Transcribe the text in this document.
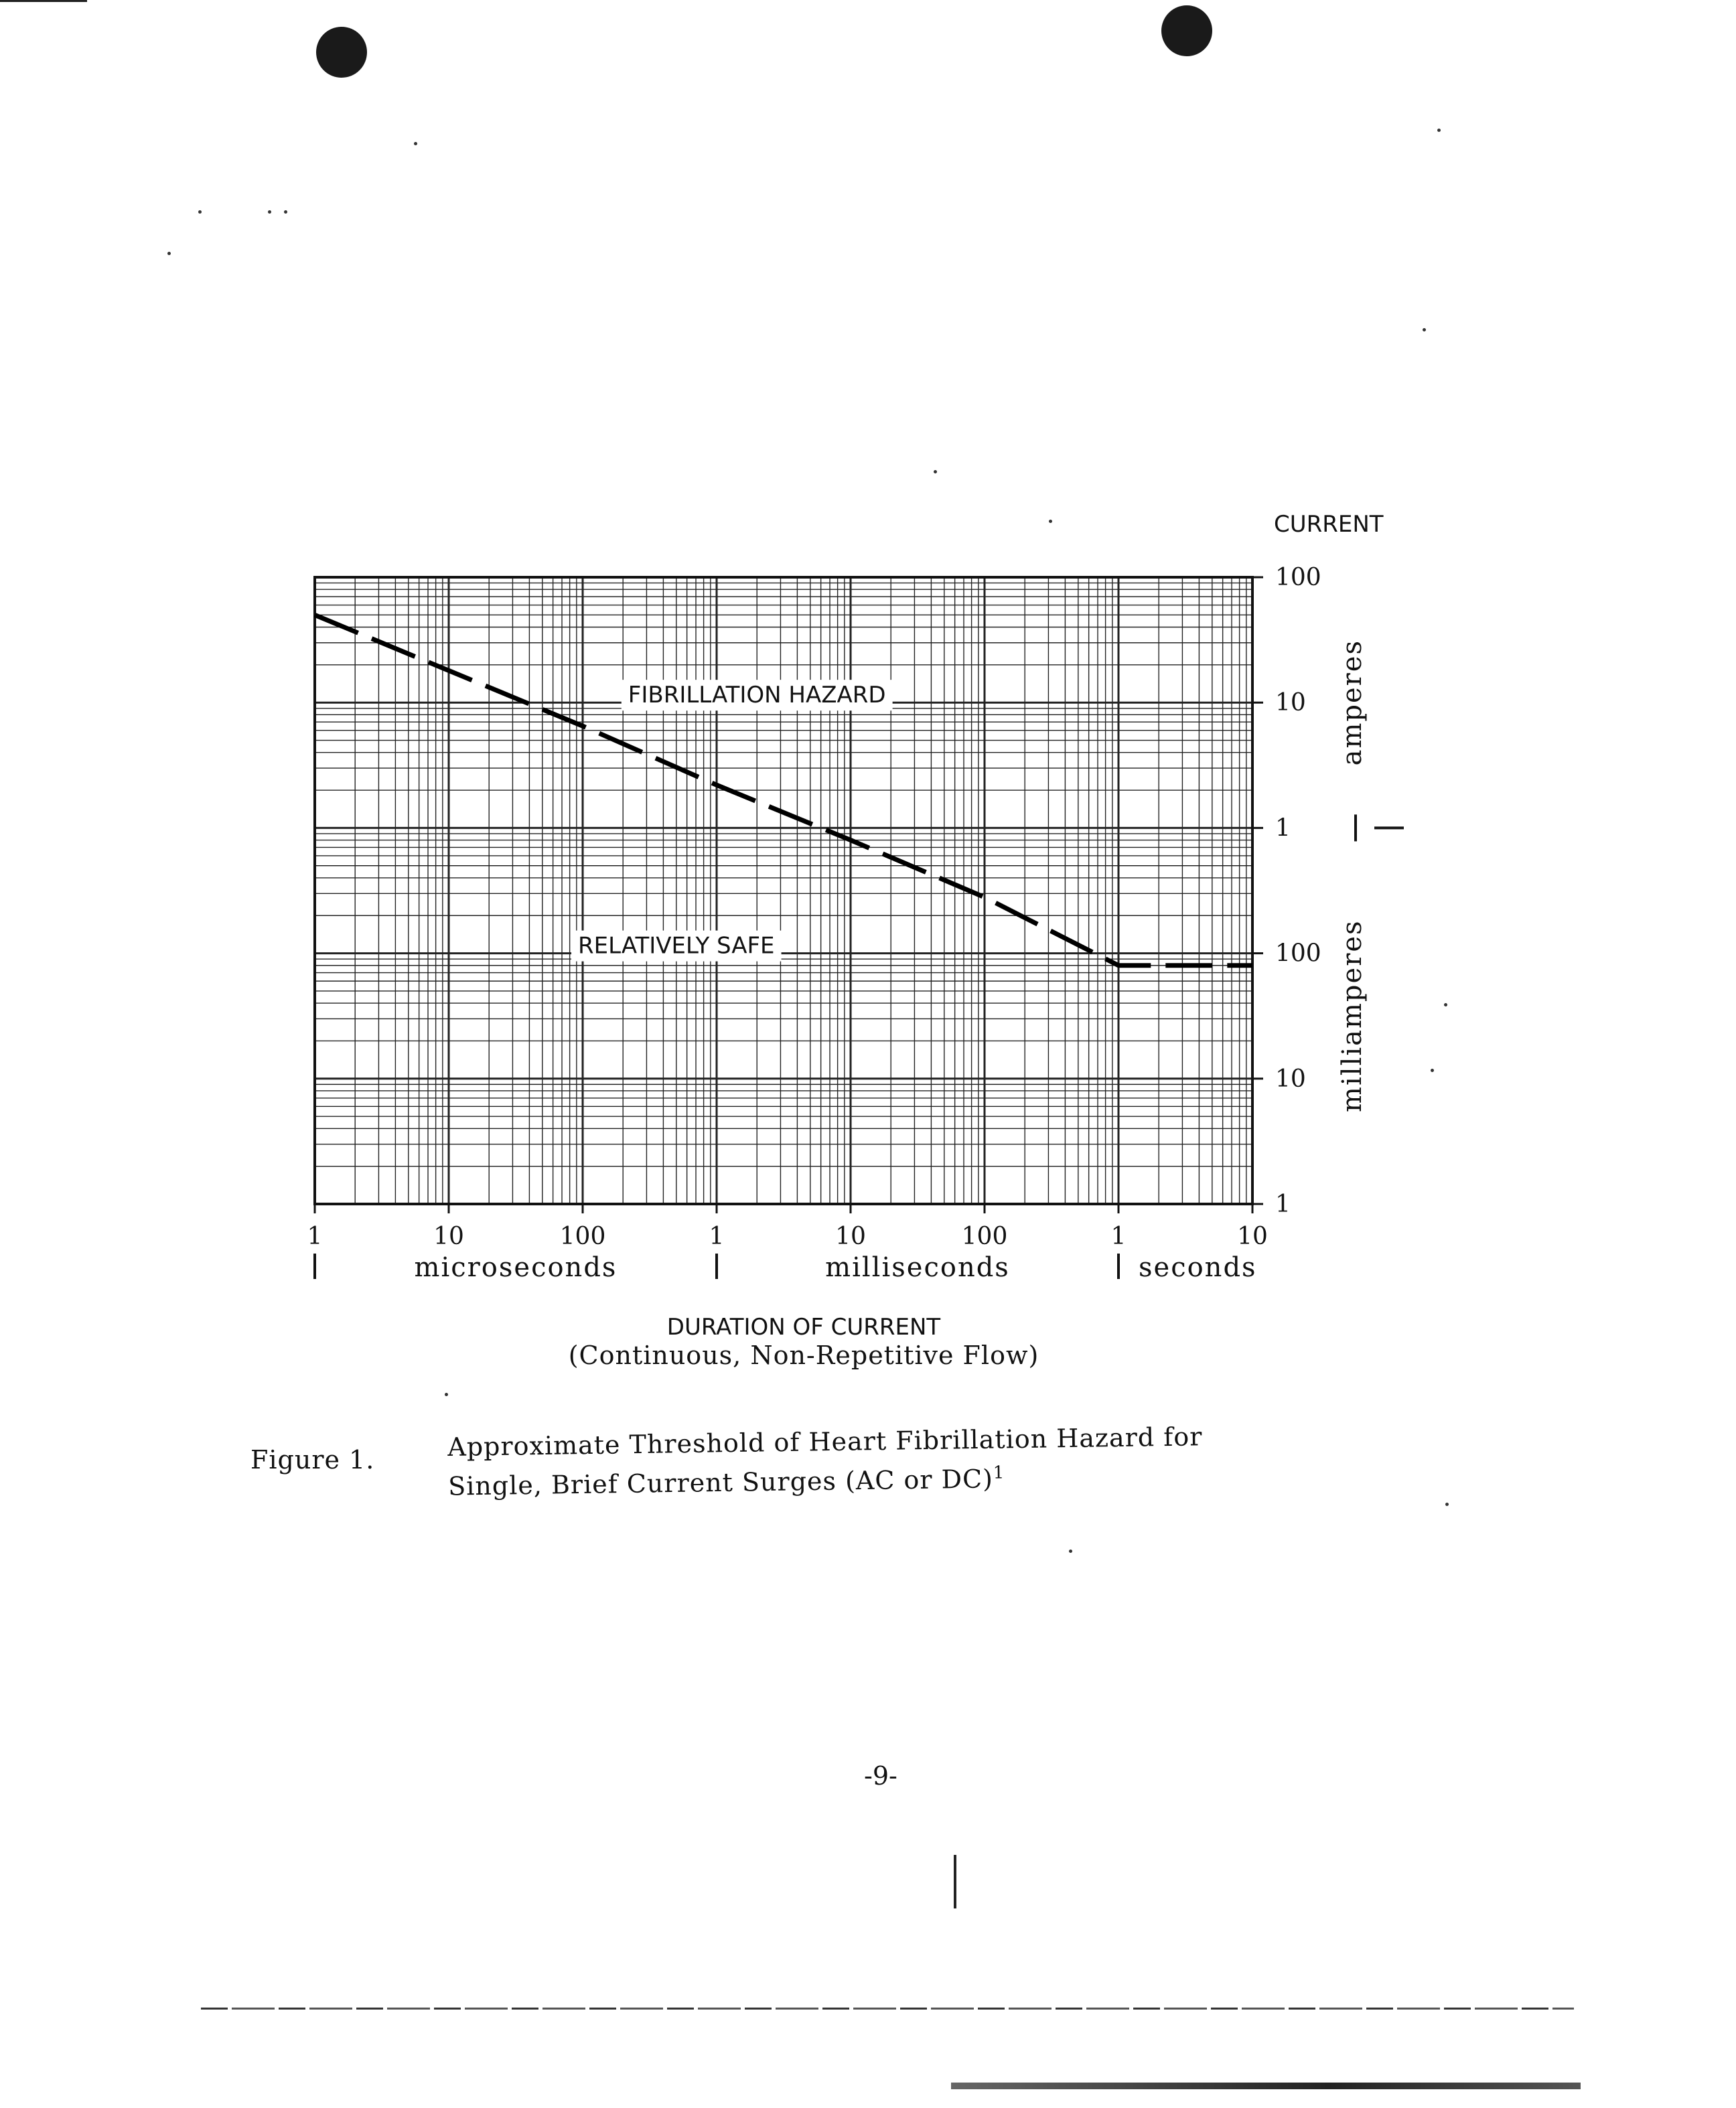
1	10	100	1	10	100	1	10
100
10
1
100
10
1
microseconds	milliseconds	seconds
amperes
milliamperes
FIBRILLATION HAZARD
RELATIVELY SAFE
CURRENT
DURATION OF CURRENT
(Continuous, Non-Repetitive Flow)
Figure 1.	Approximate Threshold of Heart Fibrillation Hazard for
Single, Brief Current Surges (AC or DC)$^1$
-9-
